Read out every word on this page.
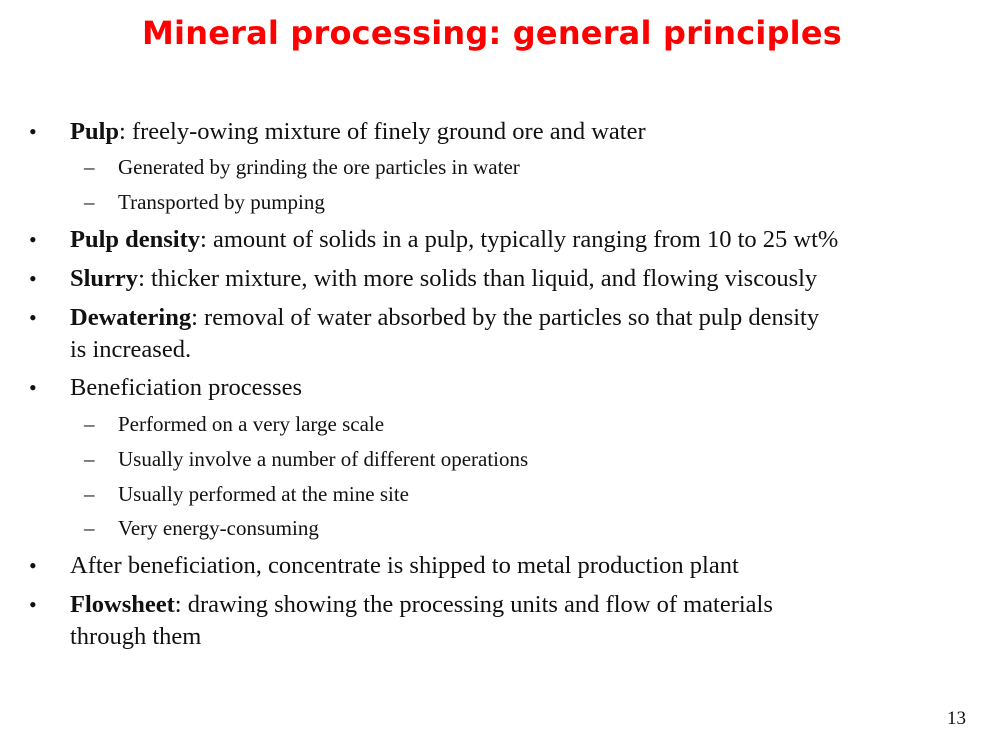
Mineral processing: general principles
• Pulp: freely-owing mixture of finely ground ore and water
– Generated by grinding the ore particles in water
– Transported by pumping
• Pulp density: amount of solids in a pulp, typically ranging from 10 to 25 wt%
• Slurry: thicker mixture, with more solids than liquid, and flowing viscously
• Dewatering: removal of water absorbed by the particles so that pulp density
is increased.
• Beneficiation processes
– Performed on a very large scale
– Usually involve a number of different operations
– Usually performed at the mine site
– Very energy-consuming
• After beneficiation, concentrate is shipped to metal production plant
• Flowsheet: drawing showing the processing units and flow of materials
through them
13
